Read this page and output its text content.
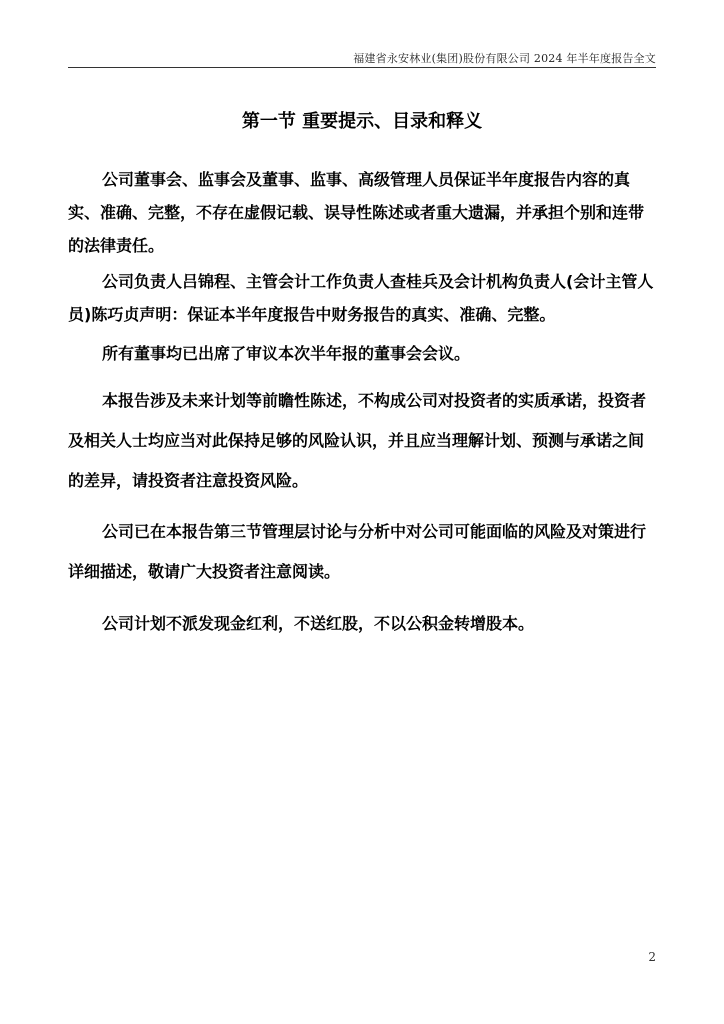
福建省永安林业(集团)股份有限公司 2024 年半年度报告全文
第一节 重要提示、目录和释义

公司董事会、监事会及董事、监事、高级管理人员保证半年度报告内容的真实、准确、完整，不存在虚假记载、误导性陈述或者重大遗漏，并承担个别和连带的法律责任。

公司负责人吕锦程、主管会计工作负责人查桂兵及会计机构负责人(会计主管人员)陈巧贞声明：保证本半年度报告中财务报告的真实、准确、完整。

所有董事均已出席了审议本次半年报的董事会会议。

本报告涉及未来计划等前瞻性陈述，不构成公司对投资者的实质承诺，投资者及相关人士均应当对此保持足够的风险认识，并且应当理解计划、预测与承诺之间的差异，请投资者注意投资风险。

公司已在本报告第三节管理层讨论与分析中对公司可能面临的风险及对策进行详细描述，敬请广大投资者注意阅读。

公司计划不派发现金红利，不送红股，不以公积金转增股本。

2
